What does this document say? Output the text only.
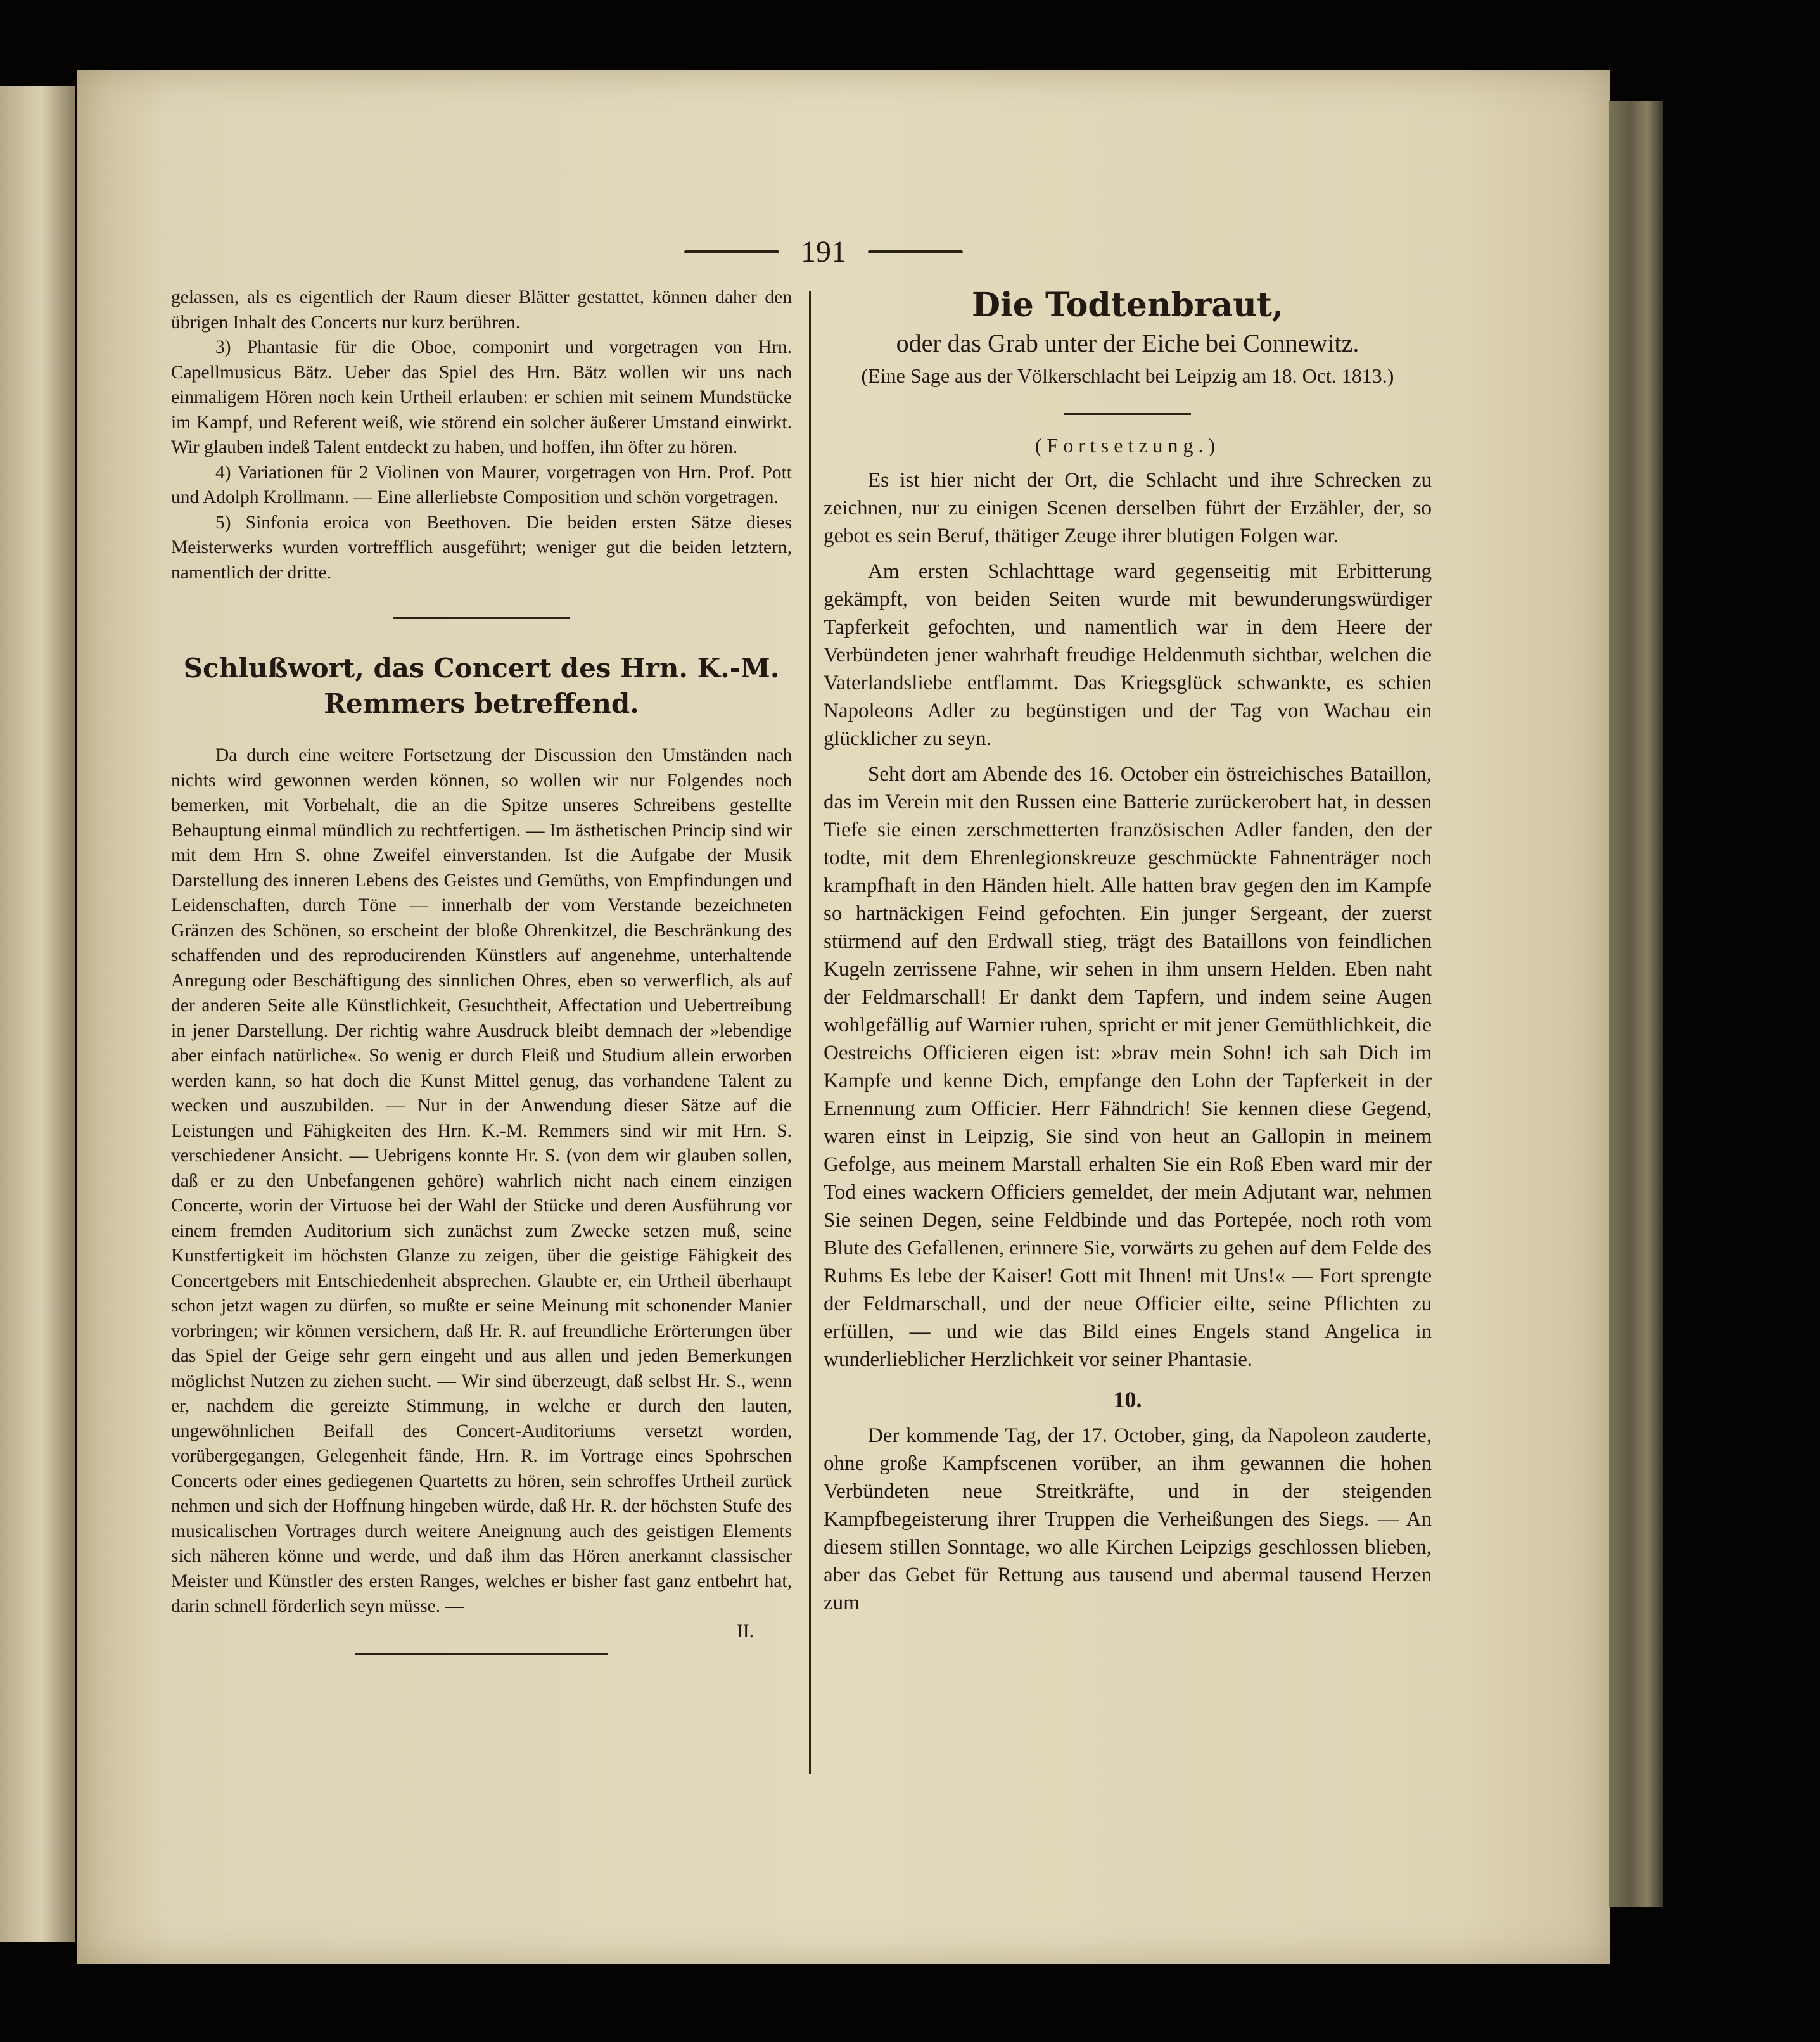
191

gelassen, als es eigentlich der Raum dieser Blätter gestattet, können daher den übrigen Inhalt des Concerts nur kurz berühren.

3) Phantasie für die Oboe, componirt und vorgetragen von Hrn. Capellmusicus Bätz. Ueber das Spiel des Hrn. Bätz wollen wir uns nach einmaligem Hören noch kein Urtheil erlauben: er schien mit seinem Mundstücke im Kampf, und Referent weiß, wie störend ein solcher äußerer Umstand einwirkt. Wir glauben indeß Talent entdeckt zu haben, und hoffen, ihn öfter zu hören.

4) Variationen für 2 Violinen von Maurer, vorgetragen von Hrn. Prof. Pott und Adolph Krollmann. — Eine allerliebste Composition und schön vorgetragen.

5) Sinfonia eroica von Beethoven. Die beiden ersten Sätze dieses Meisterwerks wurden vortrefflich ausgeführt; weniger gut die beiden letztern, namentlich der dritte.

Schlußwort, das Concert des Hrn. K.-M. Remmers betreffend.

Da durch eine weitere Fortsetzung der Discussion den Umständen nach nichts wird gewonnen werden können, so wollen wir nur Folgendes noch bemerken, mit Vorbehalt, die an die Spitze unseres Schreibens gestellte Behauptung einmal mündlich zu rechtfertigen. — Im ästhetischen Princip sind wir mit dem Hrn S. ohne Zweifel einverstanden. Ist die Aufgabe der Musik Darstellung des inneren Lebens des Geistes und Gemüths, von Empfindungen und Leidenschaften, durch Töne — innerhalb der vom Verstande bezeichneten Gränzen des Schönen, so erscheint der bloße Ohrenkitzel, die Beschränkung des schaffenden und des reproducirenden Künstlers auf angenehme, unterhaltende Anregung oder Beschäftigung des sinnlichen Ohres, eben so verwerflich, als auf der anderen Seite alle Künstlichkeit, Gesuchtheit, Affectation und Uebertreibung in jener Darstellung. Der richtig wahre Ausdruck bleibt demnach der »lebendige aber einfach natürliche«. So wenig er durch Fleiß und Studium allein erworben werden kann, so hat doch die Kunst Mittel genug, das vorhandene Talent zu wecken und auszubilden. — Nur in der Anwendung dieser Sätze auf die Leistungen und Fähigkeiten des Hrn. K.-M. Remmers sind wir mit Hrn. S. verschiedener Ansicht. — Uebrigens konnte Hr. S. (von dem wir glauben sollen, daß er zu den Unbefangenen gehöre) wahrlich nicht nach einem einzigen Concerte, worin der Virtuose bei der Wahl der Stücke und deren Ausführung vor einem fremden Auditorium sich zunächst zum Zwecke setzen muß, seine Kunstfertigkeit im höchsten Glanze zu zeigen, über die geistige Fähigkeit des Concertgebers mit Entschiedenheit absprechen. Glaubte er, ein Urtheil überhaupt schon jetzt wagen zu dürfen, so mußte er seine Meinung mit schonender Manier vorbringen; wir können versichern, daß Hr. R. auf freundliche Erörterungen über das Spiel der Geige sehr gern eingeht und aus allen und jeden Bemerkungen möglichst Nutzen zu ziehen sucht. — Wir sind überzeugt, daß selbst Hr. S., wenn er, nachdem die gereizte Stimmung, in welche er durch den lauten, ungewöhnlichen Beifall des Concert-Auditoriums versetzt worden, vorübergegangen, Gelegenheit fände, Hrn. R. im Vortrage eines Spohrschen Concerts oder eines gediegenen Quartetts zu hören, sein schroffes Urtheil zurück nehmen und sich der Hoffnung hingeben würde, daß Hr. R. der höchsten Stufe des musicalischen Vortrages durch weitere Aneignung auch des geistigen Elements sich näheren könne und werde, und daß ihm das Hören anerkannt classischer Meister und Künstler des ersten Ranges, welches er bisher fast ganz entbehrt hat, darin schnell förderlich seyn müsse. —

II.

Die Todtenbraut,
oder das Grab unter der Eiche bei Connewitz.
(Eine Sage aus der Völkerschlacht bei Leipzig am 18. Oct. 1813.)
(Fortsetzung.)

Es ist hier nicht der Ort, die Schlacht und ihre Schrecken zu zeichnen, nur zu einigen Scenen derselben führt der Erzähler, der, so gebot es sein Beruf, thätiger Zeuge ihrer blutigen Folgen war.

Am ersten Schlachttage ward gegenseitig mit Erbitterung gekämpft, von beiden Seiten wurde mit bewunderungswürdiger Tapferkeit gefochten, und namentlich war in dem Heere der Verbündeten jener wahrhaft freudige Heldenmuth sichtbar, welchen die Vaterlandsliebe entflammt. Das Kriegsglück schwankte, es schien Napoleons Adler zu begünstigen und der Tag von Wachau ein glücklicher zu seyn.

Seht dort am Abende des 16. October ein östreichisches Bataillon, das im Verein mit den Russen eine Batterie zurückerobert hat, in dessen Tiefe sie einen zerschmetterten französischen Adler fanden, den der todte, mit dem Ehrenlegionskreuze geschmückte Fahnenträger noch krampfhaft in den Händen hielt. Alle hatten brav gegen den im Kampfe so hartnäckigen Feind gefochten. Ein junger Sergeant, der zuerst stürmend auf den Erdwall stieg, trägt des Bataillons von feindlichen Kugeln zerrissene Fahne, wir sehen in ihm unsern Helden. Eben naht der Feldmarschall! Er dankt dem Tapfern, und indem seine Augen wohlgefällig auf Warnier ruhen, spricht er mit jener Gemüthlichkeit, die Oestreichs Officieren eigen ist: »brav mein Sohn! ich sah Dich im Kampfe und kenne Dich, empfange den Lohn der Tapferkeit in der Ernennung zum Officier. Herr Fähndrich! Sie kennen diese Gegend, waren einst in Leipzig, Sie sind von heut an Gallopin in meinem Gefolge, aus meinem Marstall erhalten Sie ein Roß Eben ward mir der Tod eines wackern Officiers gemeldet, der mein Adjutant war, nehmen Sie seinen Degen, seine Feldbinde und das Portepée, noch roth vom Blute des Gefallenen, erinnere Sie, vorwärts zu gehen auf dem Felde des Ruhms Es lebe der Kaiser! Gott mit Ihnen! mit Uns!« — Fort sprengte der Feldmarschall, und der neue Officier eilte, seine Pflichten zu erfüllen, — und wie das Bild eines Engels stand Angelica in wunderlieblicher Herzlichkeit vor seiner Phantasie.

10.

Der kommende Tag, der 17. October, ging, da Napoleon zauderte, ohne große Kampfscenen vorüber, an ihm gewannen die hohen Verbündeten neue Streitkräfte, und in der steigenden Kampfbegeisterung ihrer Truppen die Verheißungen des Siegs. — An diesem stillen Sonntage, wo alle Kirchen Leipzigs geschlossen blieben, aber das Gebet für Rettung aus tausend und abermal tausend Herzen zum
